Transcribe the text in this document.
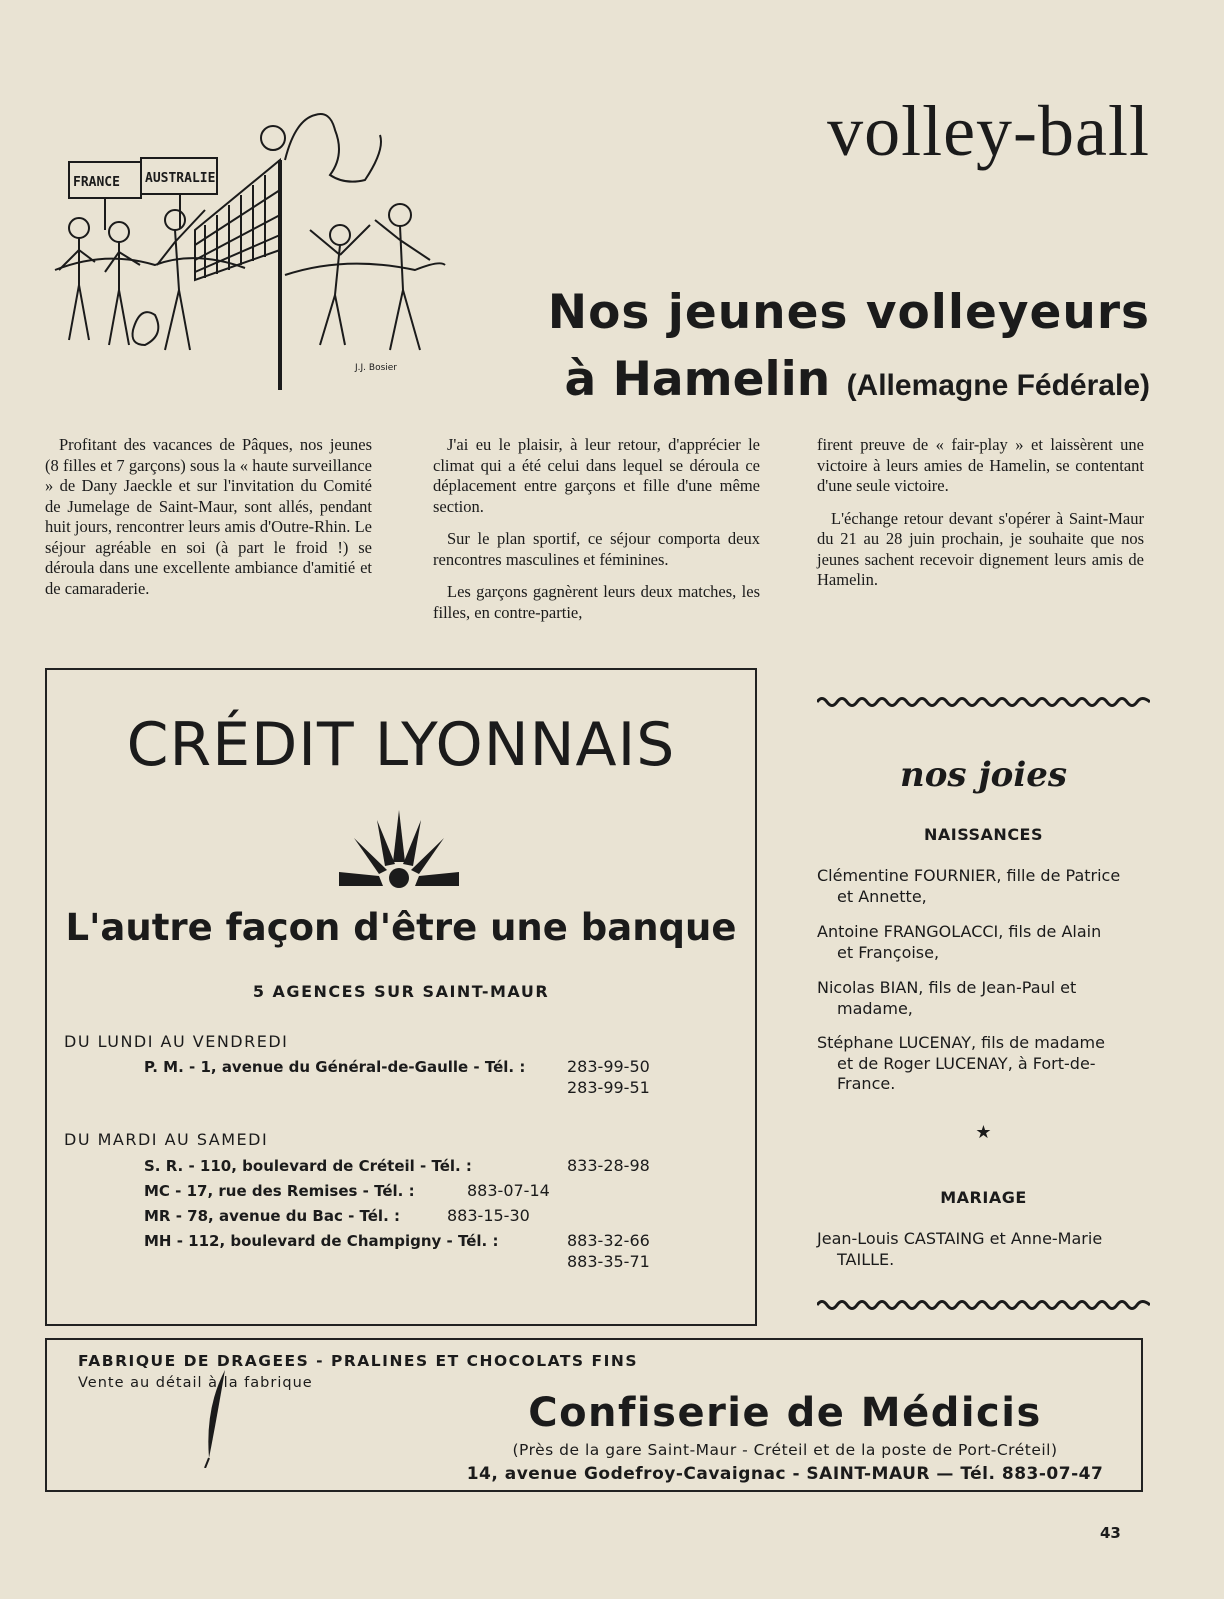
volley-ball
FRANCE AUSTRALIE
J.J. Bosier
Nos jeunes volleyeurs
à Hamelin (Allemagne Fédérale)

Profitant des vacances de Pâques, nos jeunes (8 filles et 7 garçons) sous la « haute surveillance » de Dany Jaeckle et sur l'invitation du Comité de Jumelage de Saint-Maur, sont allés, pendant huit jours, rencontrer leurs amis d'Outre-Rhin. Le séjour agréable en soi (à part le froid !) se déroula dans une excellente ambiance d'amitié et de camaraderie.

J'ai eu le plaisir, à leur retour, d'apprécier le climat qui a été celui dans lequel se déroula ce déplacement entre garçons et fille d'une même section.

Sur le plan sportif, ce séjour comporta deux rencontres masculines et féminines.

Les garçons gagnèrent leurs deux matches, les filles, en contre-partie,

firent preuve de « fair-play » et laissèrent une victoire à leurs amies de Hamelin, se contentant d'une seule victoire.

L'échange retour devant s'opérer à Saint-Maur du 21 au 28 juin prochain, je souhaite que nos jeunes sachent recevoir dignement leurs amis de Hamelin.

CRÉDIT LYONNAIS
L'autre façon d'être une banque
5 AGENCES SUR SAINT-MAUR
DU LUNDI AU VENDREDI
P. M. - 1, avenue du Général-de-Gaulle - Tél. :	283-99-50
283-99-51
DU MARDI AU SAMEDI
S. R. - 110, boulevard de Créteil - Tél. :	833-28-98
MC - 17, rue des Remises - Tél. :	883-07-14
MR - 78, avenue du Bac - Tél. :	883-15-30
MH - 112, boulevard de Champigny - Tél. :	883-32-66
883-35-71
nos joies
NAISSANCES
Clémentine FOURNIER, fille de Patrice
et Annette,
Antoine FRANGOLACCI, fils de Alain
et Françoise,
Nicolas BIAN, fils de Jean-Paul et
madame,
Stéphane LUCENAY, fils de madame
et de Roger LUCENAY, à Fort-de-France.
★
MARIAGE
Jean-Louis CASTAING et Anne-Marie
TAILLE.
FABRIQUE DE DRAGEES - PRALINES ET CHOCOLATS FINS
Vente au détail à la fabrique
Confiserie de Médicis
(Près de la gare Saint-Maur - Créteil et de la poste de Port-Créteil)
14, avenue Godefroy-Cavaignac - SAINT-MAUR — Tél. 883-07-47
43
